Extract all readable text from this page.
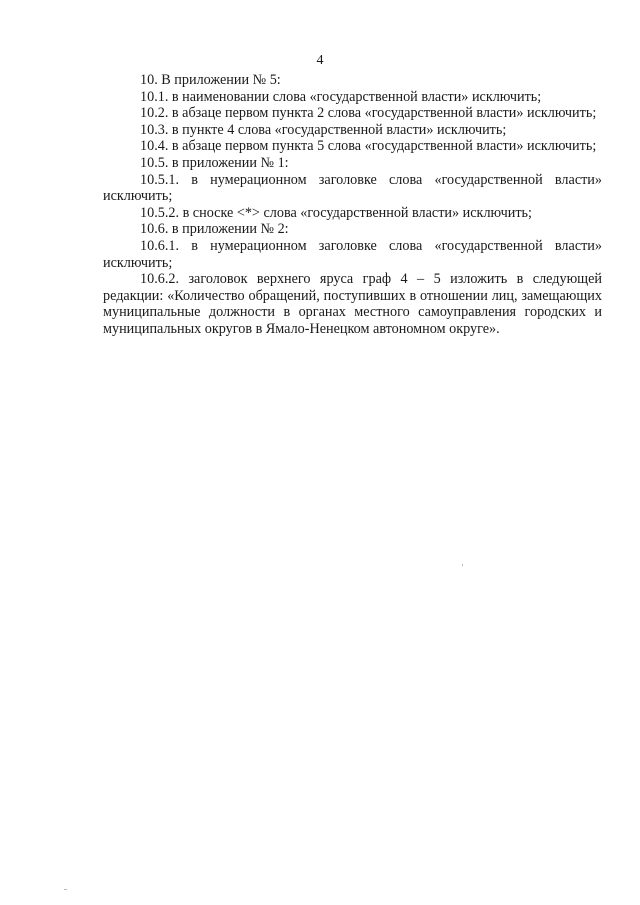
4

10. В приложении № 5:

10.1. в наименовании слова «государственной власти» исключить;

10.2. в абзаце первом пункта 2 слова «государственной власти» исключить;

10.3. в пункте 4 слова «государственной власти» исключить;

10.4. в абзаце первом пункта 5 слова «государственной власти» исключить;

10.5. в приложении № 1:

10.5.1. в нумерационном заголовке слова «государственной власти» исключить;

10.5.2. в сноске <*> слова «государственной власти» исключить;

10.6. в приложении № 2:

10.6.1. в нумерационном заголовке слова «государственной власти» исключить;

10.6.2. заголовок верхнего яруса граф 4 – 5 изложить в следующей редакции: «Количество обращений, поступивших в отношении лиц, замещающих муниципальные должности в органах местного самоуправления городских и муниципальных округов в Ямало-Ненецком автономном округе».
